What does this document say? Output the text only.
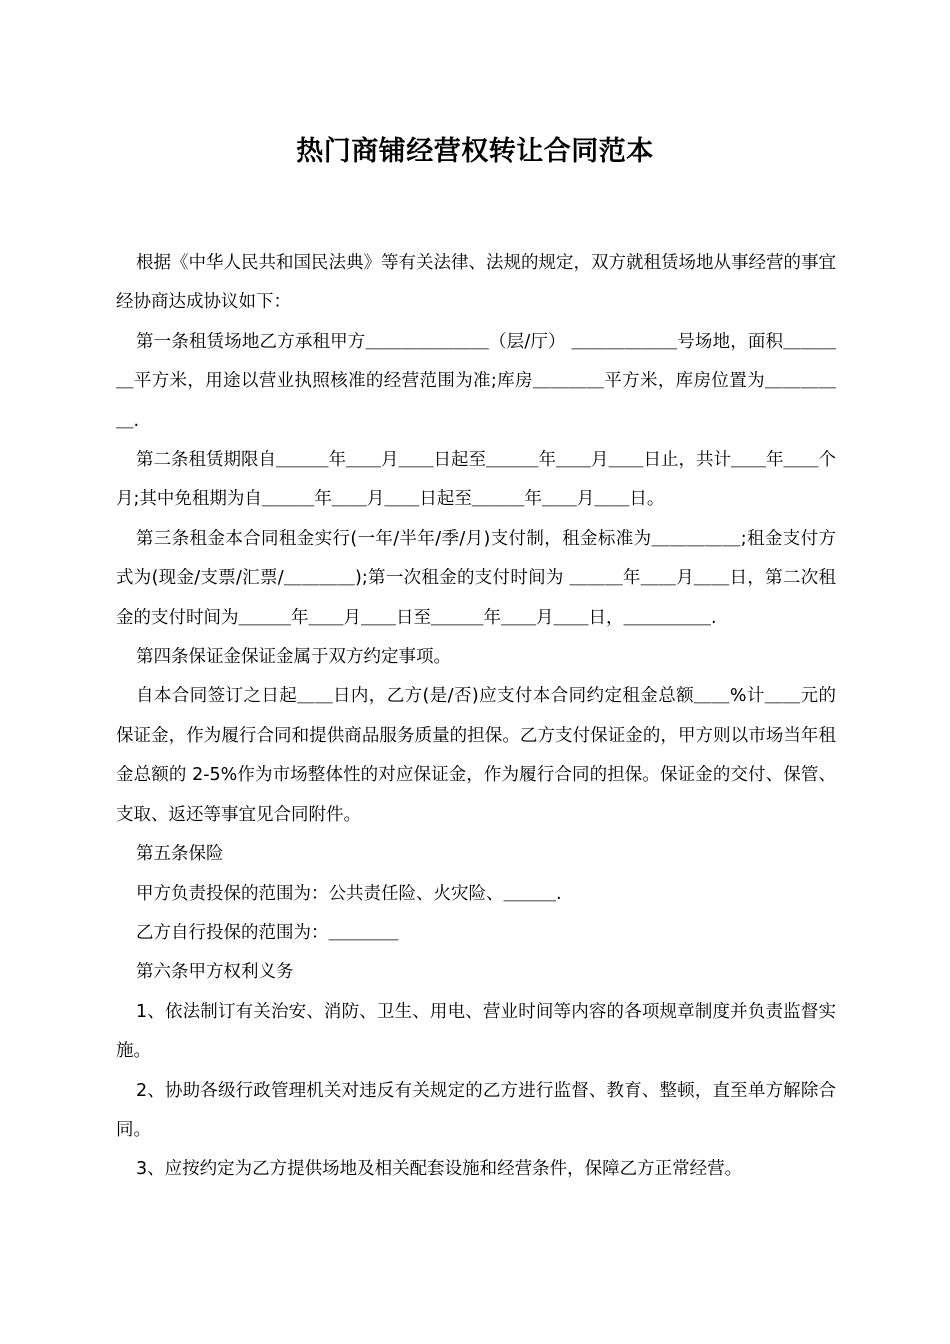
热门商铺经营权转让合同范本

根据《中华人民共和国民法典》等有关法律、法规的规定，双方就租赁场地从事经营的事宜经协商达成协议如下：

第一条租赁场地乙方承租甲方＿＿＿＿＿＿＿（层/厅） ＿＿＿＿＿＿号场地，面积＿＿＿＿平方米，用途以营业执照核准的经营范围为准;库房＿＿＿＿平方米，库房位置为＿＿＿＿＿.

第二条租赁期限自＿＿＿年＿＿月＿＿日起至＿＿＿年＿＿月＿＿日止，共计＿＿年＿＿个月;其中免租期为自＿＿＿年＿＿月＿＿日起至＿＿＿年＿＿月＿＿日。

第三条租金本合同租金实行(一年/半年/季/月)支付制，租金标准为＿＿＿＿＿;租金支付方式为(现金/支票/汇票/＿＿＿＿);第一次租金的支付时间为 ＿＿＿年＿＿月＿＿日，第二次租金的支付时间为＿＿＿年＿＿月＿＿日至＿＿＿年＿＿月＿＿日，＿＿＿＿＿.

第四条保证金保证金属于双方约定事项。

自本合同签订之日起＿＿日内，乙方(是/否)应支付本合同约定租金总额＿＿%计＿＿元的保证金，作为履行合同和提供商品服务质量的担保。乙方支付保证金的，甲方则以市场当年租金总额的 2-5%作为市场整体性的对应保证金，作为履行合同的担保。保证金的交付、保管、支取、返还等事宜见合同附件。

第五条保险

甲方负责投保的范围为：公共责任险、火灾险、＿＿＿.

乙方自行投保的范围为：＿＿＿＿

第六条甲方权利义务

1、依法制订有关治安、消防、卫生、用电、营业时间等内容的各项规章制度并负责监督实施。

2、协助各级行政管理机关对违反有关规定的乙方进行监督、教育、整顿，直至单方解除合同。

3、应按约定为乙方提供场地及相关配套设施和经营条件，保障乙方正常经营。
